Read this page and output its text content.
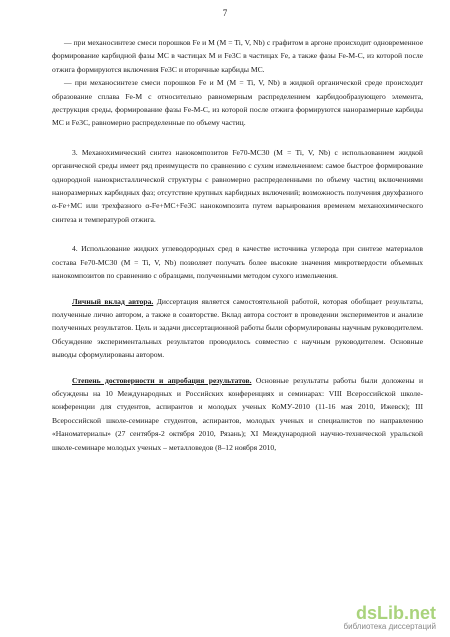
7

— при механосинтезе смеси порошков Fe и M (M = Ti, V, Nb) с графитом в аргоне происходит одновременное формирование карбидной фазы МС в частицах М и Fe3C в частицах Fe, а также фазы Fe-M-C, из которой после отжига формируются включения Fe3C и вторичные карбиды МС.

— при механосинтезе смеси порошков Fe и M (M = Ti, V, Nb) в жидкой органической среде происходит образование сплава Fe-M с относительно равномерным распределением карбидообразующего элемента, деструкция среды, формирование фазы Fe-M-C, из которой после отжига формируются наноразмерные карбиды МС и Fe3C, равномерно распределенные по объему частиц.

3. Механохимический синтез нанокомпозитов Fe70-MC30 (M = Ti, V, Nb) с использованием жидкой органической среды имеет ряд преимуществ по сравнению с сухим измельчением: самое быстрое формирование однородной нанокристаллической структуры с равномерно распределенными по объему частиц включениями наноразмерных карбидных фаз; отсутствие крупных карбидных включений; возможность получения двухфазного α-Fe+MC или трехфазного α-Fe+MC+Fe3C нанокомпозита путем варьирования временем механохимического синтеза и температурой отжига.

4. Использование жидких углеводородных сред в качестве источника углерода при синтезе материалов состава Fe70-MC30 (M = Ti, V, Nb) позволяет получать более высокие значения микротвердости объемных нанокомпозитов по сравнению с образцами, полученными методом сухого измельчения.

Личный вклад автора. Диссертация является самостоятельной работой, которая обобщает результаты, полученные лично автором, а также в соавторстве. Вклад автора состоит в проведении экспериментов и анализе полученных результатов. Цель и задачи диссертационной работы были сформулированы научным руководителем. Обсуждение экспериментальных результатов проводилось совместно с научным руководителем. Основные выводы сформулированы автором.

Степень достоверности и апробация результатов. Основные результаты работы были доложены и обсуждены на 10 Международных и Российских конференциях и семинарах: VIII Всероссийской школе-конференции для студентов, аспирантов и молодых ученых КоМУ-2010 (11-16 мая 2010, Ижевск); III Всероссийской школе-семинаре студентов, аспирантов, молодых ученых и специалистов по направлению «Наноматериалы» (27 сентября-2 октября 2010, Рязань); XI Международной научно-технической уральской школе-семинаре молодых ученых – металловедов (8–12 ноября 2010,

dsLib.net
библиотека диссертаций
